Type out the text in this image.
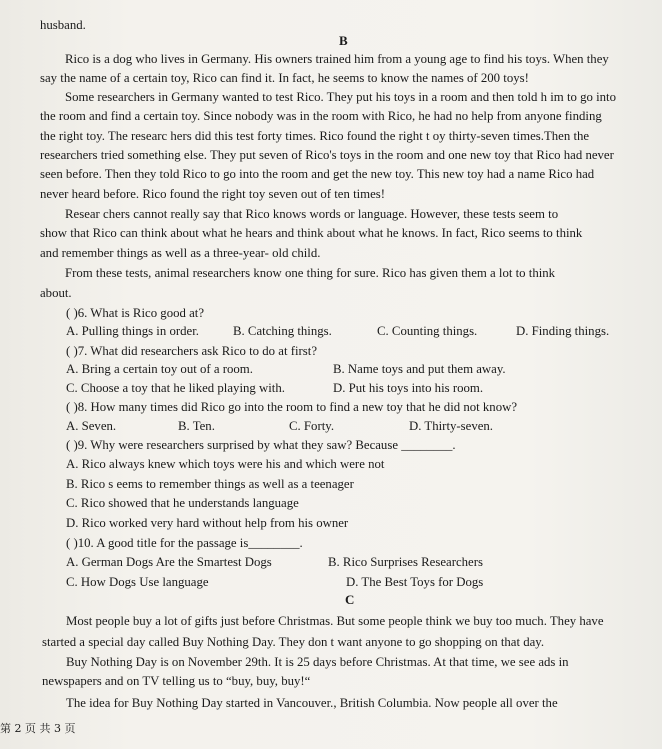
husband.
B
Rico is a dog who lives in Germany. His owners trained him from a young age to find his toys. When they
say the name of a certain toy, Rico can find it. In fact, he seems to know the names of 200 toys!
Some researchers in Germany wanted to test Rico. They put his toys in a room and then told h im to go into
the room and find a certain toy. Since nobody was in the room with Rico, he had no help from anyone finding
the right toy. The researc hers did this test forty times. Rico found the right t oy thirty-seven times.Then the
researchers tried something else. They put seven of Rico's toys in the room and one new toy that Rico had never
seen before. Then they told Rico to go into the room and get the new toy. This new toy had a name Rico had
never heard before. Rico found the right toy seven out of ten times!
Resear chers cannot really say that Rico knows words or language. However, these tests seem to
show that Rico can think about what he hears and think about what he knows. In fact, Rico seems to think
and remember things as well as a three-year- old child.
From these tests, animal researchers know one thing for sure. Rico has given them a lot to think
about.
( )6. What is Rico good at?
A. Pulling things in order.	B. Catching things.	C. Counting things.	D. Finding things.
( )7. What did researchers ask Rico to do at first?
A. Bring a certain toy out of a room.	B. Name toys and put them away.
C. Choose a toy that he liked playing with.	D. Put his toys into his room.
( )8. How many times did Rico go into the room to find a new toy that he did not know?
A. Seven.	B. Ten.	C. Forty.	D. Thirty-seven.
( )9. Why were researchers surprised by what they saw? Because ________.
A. Rico always knew which toys were his and which were not
B. Rico s eems to remember things as well as a teenager
C. Rico showed that he understands language
D. Rico worked very hard without help from his owner
( )10. A good title for the passage is________.
A. German Dogs Are the Smartest Dogs	B. Rico Surprises Researchers
C. How Dogs Use language	D. The Best Toys for Dogs
C
Most people buy a lot of gifts just before Christmas. But some people think we buy too much. They have
started a special day called Buy Nothing Day. They don t want anyone to go shopping on that day.
Buy Nothing Day is on November 29th. It is 25 days before Christmas. At that time, we see ads in
newspapers and on TV telling us to “buy, buy, buy!“
The idea for Buy Nothing Day started in Vancouver., British Columbia. Now people all over the
第 2 页 共 3 页
